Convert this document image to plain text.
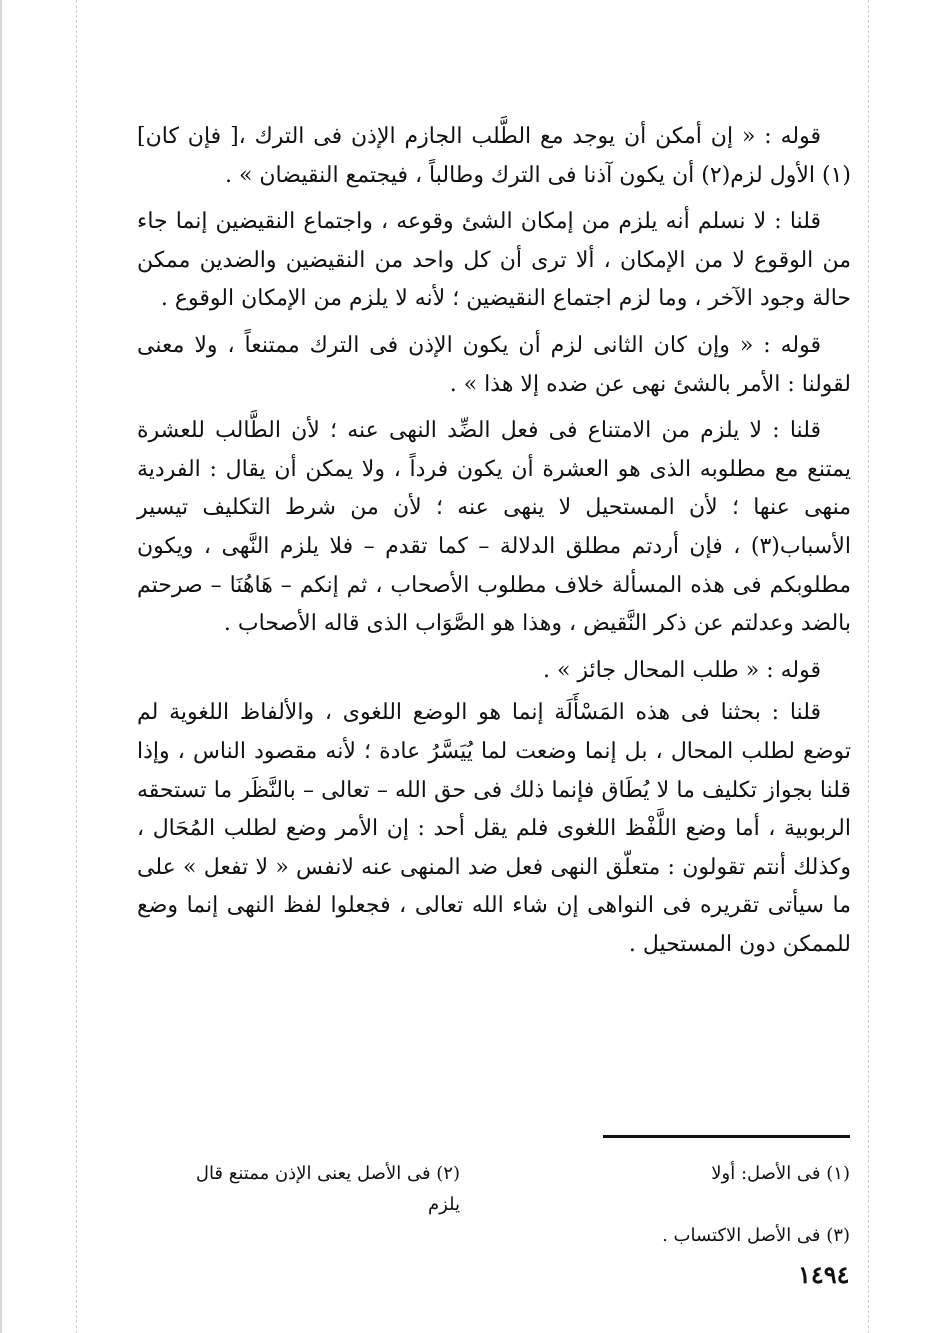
قوله : « إن أمكن أن يوجد مع الطَّلب الجازم الإذن فى الترك ،[ فإن كان](١) الأول لزم(٢) أن يكون آذنا فى الترك وطالباً ، فيجتمع النقيضان » .

قلنا : لا نسلم أنه يلزم من إمكان الشئ وقوعه ، واجتماع النقيضين إنما جاء من الوقوع لا من الإمكان ، ألا ترى أن كل واحد من النقيضين والضدين ممكن حالة وجود الآخر ، وما لزم اجتماع النقيضين ؛ لأنه لا يلزم من الإمكان الوقوع .

قوله : « وإن كان الثانى لزم أن يكون الإذن فى الترك ممتنعاً ، ولا معنى لقولنا : الأمر بالشئ نهى عن ضده إلا هذا » .

قلنا : لا يلزم من الامتناع فى فعل الضِّد النهى عنه ؛ لأن الطَّالب للعشرة يمتنع مع مطلوبه الذى هو العشرة أن يكون فرداً ، ولا يمكن أن يقال : الفردية منهى عنها ؛ لأن المستحيل لا ينهى عنه ؛ لأن من شرط التكليف تيسير الأسباب(٣) ، فإن أردتم مطلق الدلالة – كما تقدم – فلا يلزم النَّهى ، ويكون مطلوبكم فى هذه المسألة خلاف مطلوب الأصحاب ، ثم إنكم – هَاهُنَا – صرحتم بالضد وعدلتم عن ذكر النَّقيض ، وهذا هو الصَّوَاب الذى قاله الأصحاب .

قوله : « طلب المحال جائز » .

قلنا : بحثنا فى هذه المَسْأَلَة إنما هو الوضع اللغوى ، والألفاظ اللغوية لم توضع لطلب المحال ، بل إنما وضعت لما يُيَسَّرُ عادة ؛ لأنه مقصود الناس ، وإذا قلنا بجواز تكليف ما لا يُطَاق فإنما ذلك فى حق الله – تعالى – بالنَّظَر ما تستحقه الربوبية ، أما وضع اللَّفْظ اللغوى فلم يقل أحد : إن الأمر وضع لطلب المُحَال ، وكذلك أنتم تقولون : متعلّق النهى فعل ضد المنهى عنه لانفس « لا تفعل » على ما سيأتى تقريره فى النواهى إن شاء الله تعالى ، فجعلوا لفظ النهى إنما وضع للممكن دون المستحيل .

(١) فى الأصل: أولا
(٢) فى الأصل يعنى الإذن ممتنع قال يلزم
(٣) فى الأصل الاكتساب .
١٤٩٤
